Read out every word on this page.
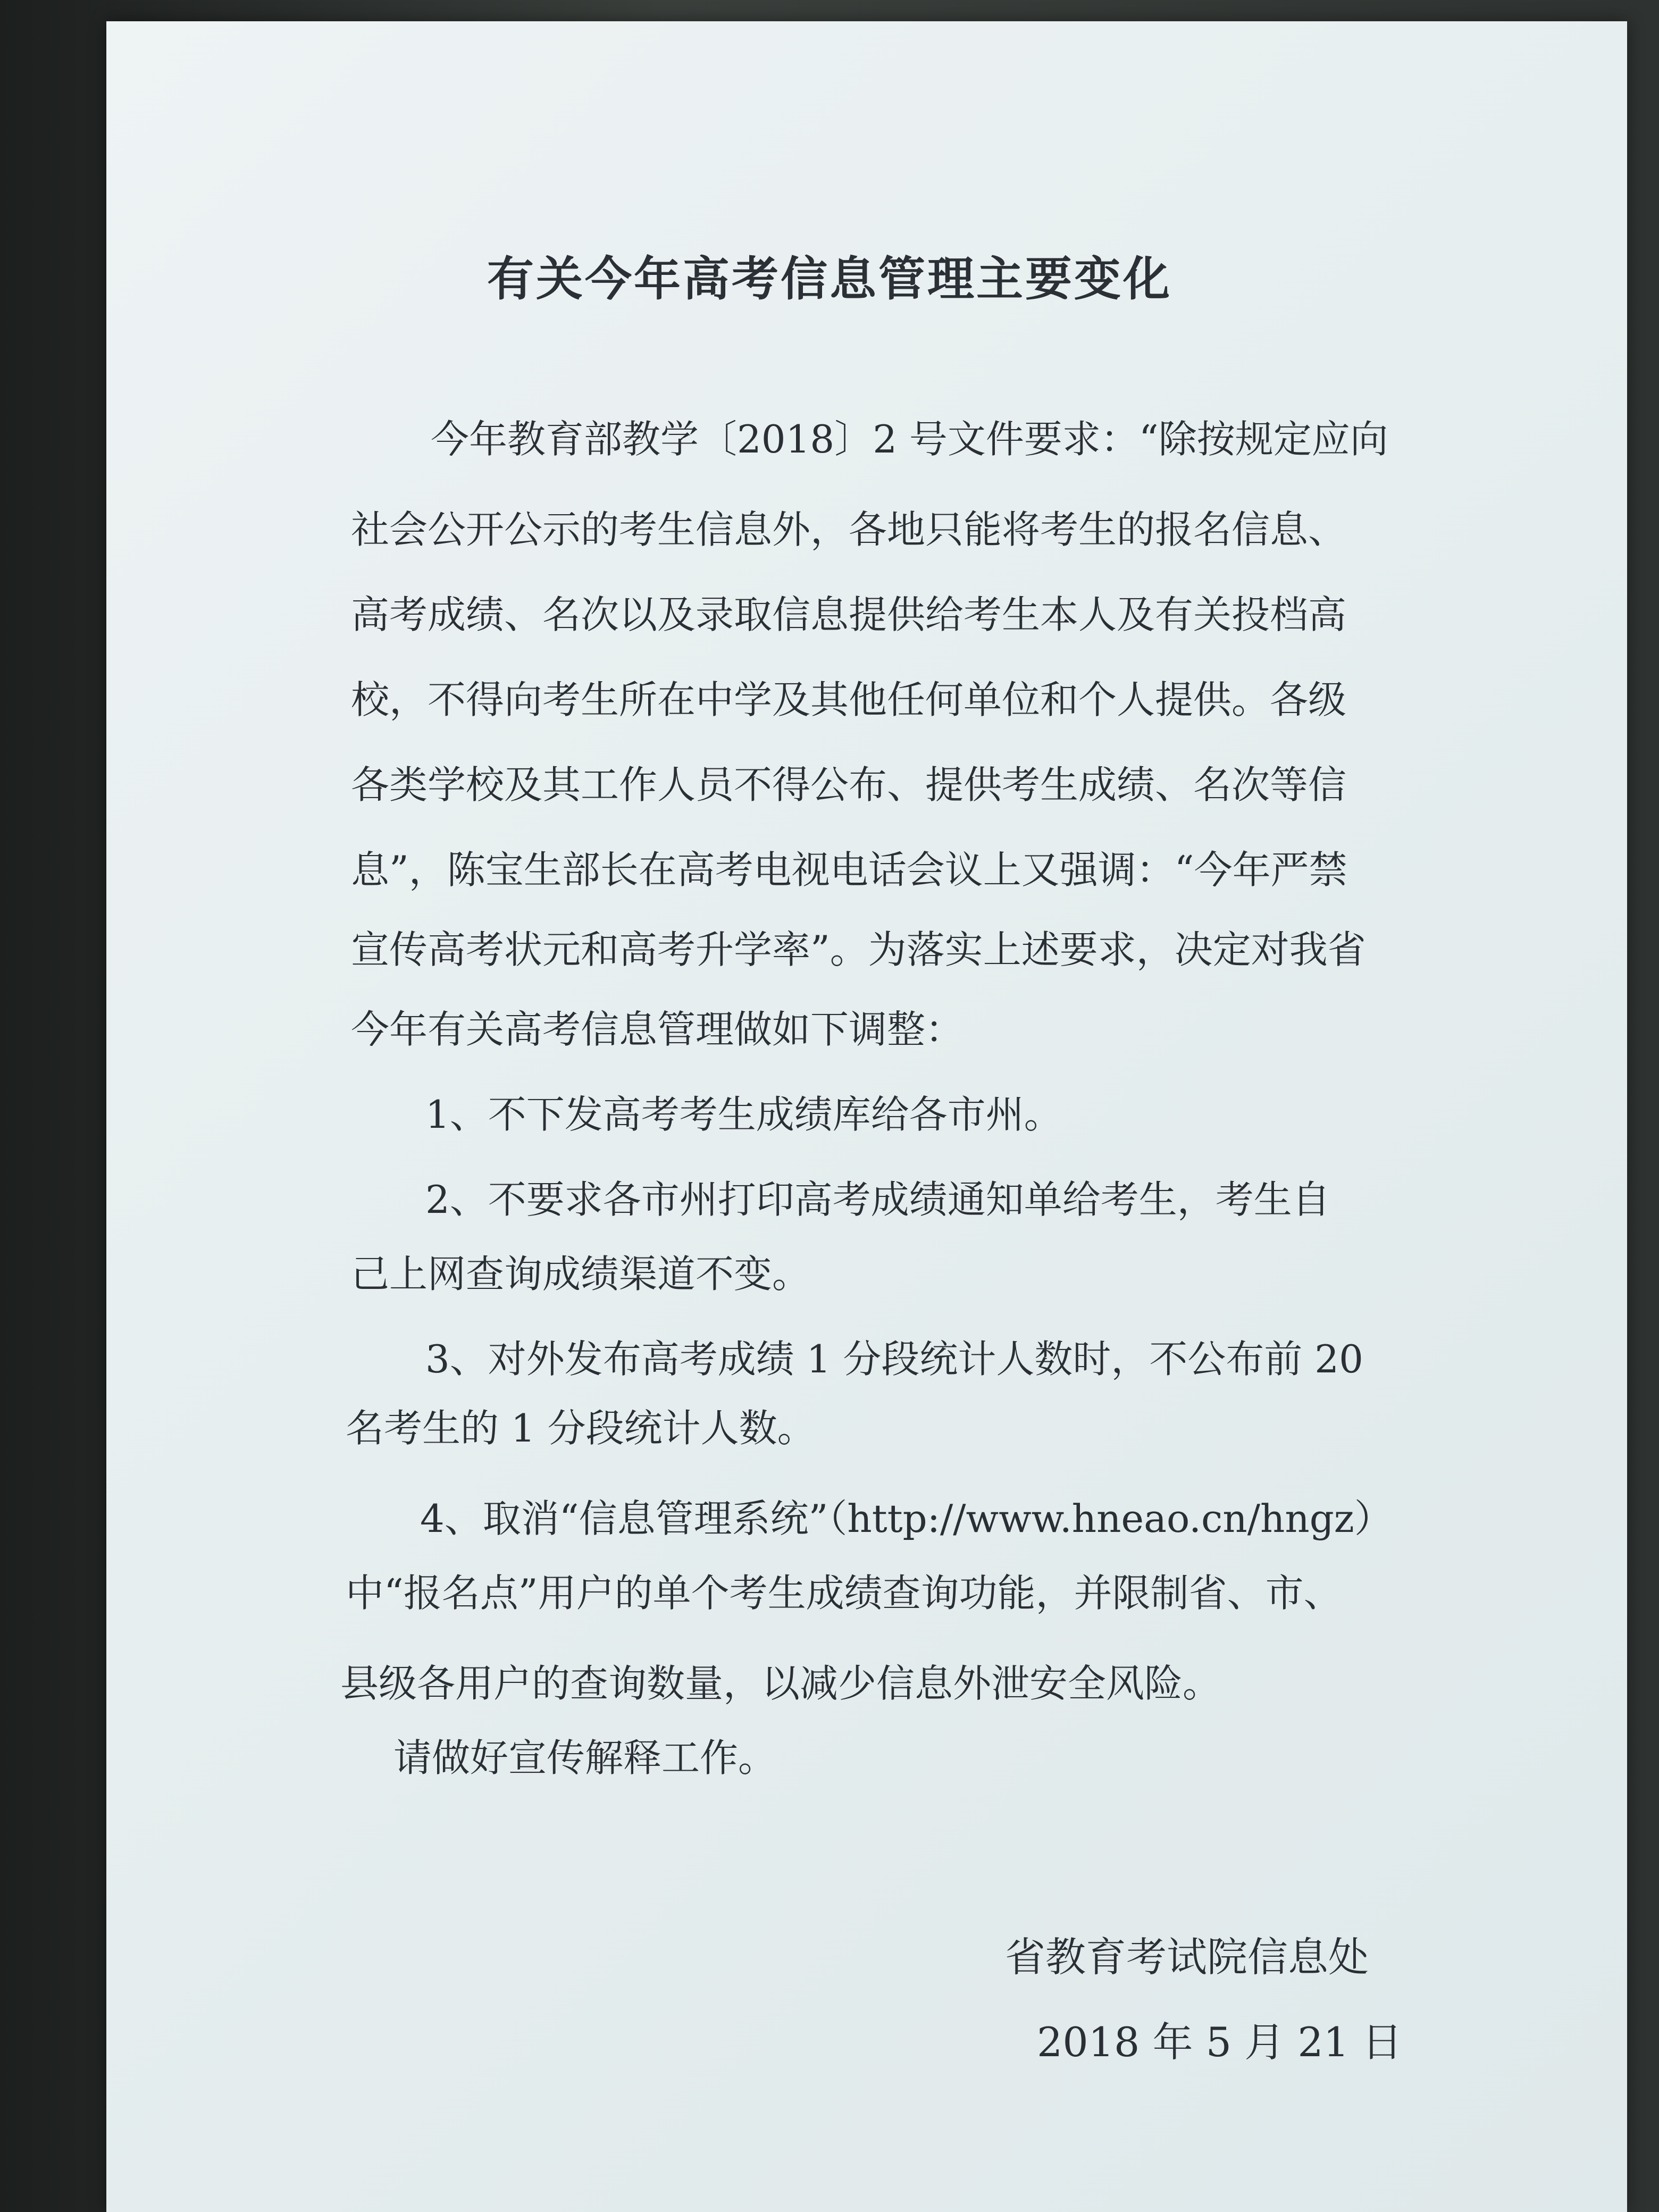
有关今年高考信息管理主要变化
今年教育部教学〔2018〕2 号文件要求：“除按规定应向
社会公开公示的考生信息外，各地只能将考生的报名信息、
高考成绩、名次以及录取信息提供给考生本人及有关投档高
校，不得向考生所在中学及其他任何单位和个人提供。各级
各类学校及其工作人员不得公布、提供考生成绩、名次等信
息”，陈宝生部长在高考电视电话会议上又强调：“今年严禁
宣传高考状元和高考升学率”。为落实上述要求，决定对我省
今年有关高考信息管理做如下调整：
1、不下发高考考生成绩库给各市州。
2、不要求各市州打印高考成绩通知单给考生，考生自
己上网查询成绩渠道不变。
3、对外发布高考成绩 1 分段统计人数时，不公布前 20
名考生的 1 分段统计人数。
4、取消“信息管理系统”（http://www.hneao.cn/hngz）
中“报名点”用户的单个考生成绩查询功能，并限制省、市、
县级各用户的查询数量，以减少信息外泄安全风险。
请做好宣传解释工作。
省教育考试院信息处
2018 年 5 月 21 日
